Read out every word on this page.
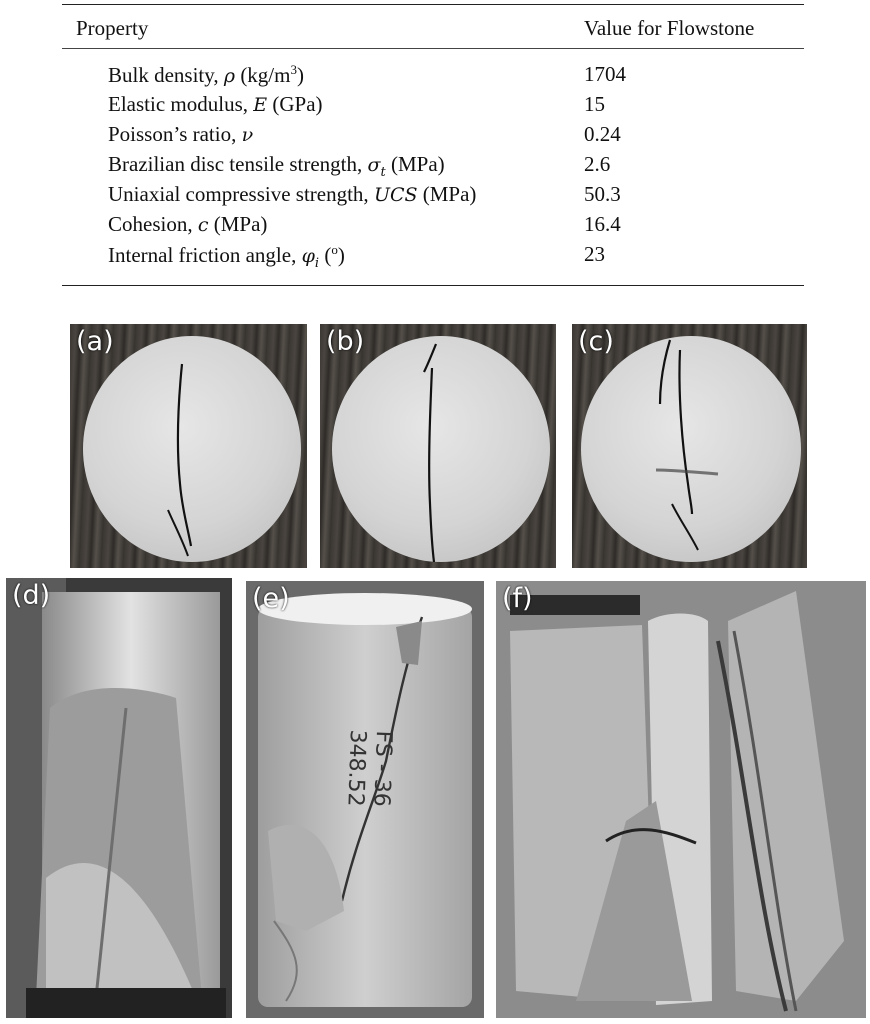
Property	Value for Flowstone
Bulk density, ρ $(kg/m^3)$	1704
Elastic modulus, E (GPa)	15
Poisson’s ratio, ν	0.24
Brazilian disc tensile strength, $\sigma_t$ (MPa)	2.6
Uniaxial compressive strength, UCS (MPa)	50.3
Cohesion, c (MPa)	16.4
Internal friction angle, $\varphi_i$ ($^o$)	23
(a)	(b)	(c)
(d)
FS - 36
348.52
(e)	(f)
